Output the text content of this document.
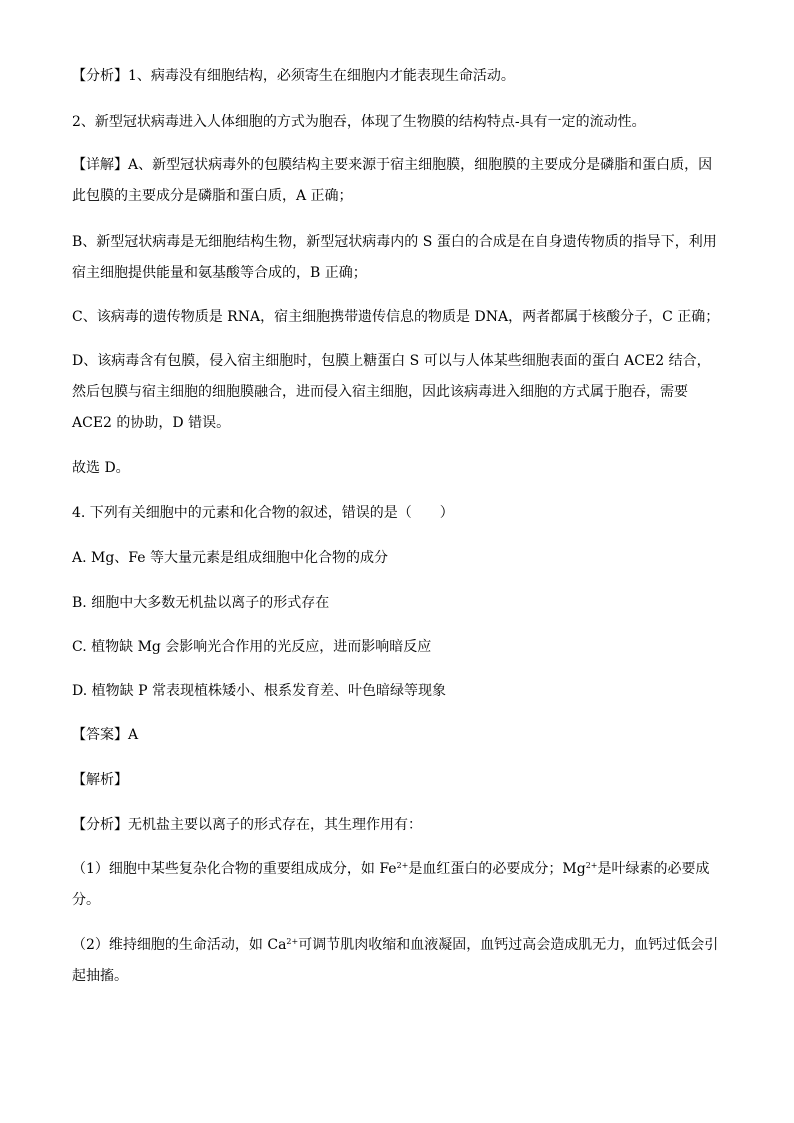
【分析】1、病毒没有细胞结构，必须寄生在细胞内才能表现生命活动。

2、新型冠状病毒进入人体细胞的方式为胞吞，体现了生物膜的结构特点-具有一定的流动性。

【详解】A、新型冠状病毒外的包膜结构主要来源于宿主细胞膜，细胞膜的主要成分是磷脂和蛋白质，因此包膜的主要成分是磷脂和蛋白质，A 正确；

B、新型冠状病毒是无细胞结构生物，新型冠状病毒内的 S 蛋白的合成是在自身遗传物质的指导下，利用宿主细胞提供能量和氨基酸等合成的，B 正确；

C、该病毒的遗传物质是 RNA，宿主细胞携带遗传信息的物质是 DNA，两者都属于核酸分子，C 正确；

D、该病毒含有包膜，侵入宿主细胞时，包膜上糖蛋白 S 可以与人体某些细胞表面的蛋白 ACE2 结合，然后包膜与宿主细胞的细胞膜融合，进而侵入宿主细胞，因此该病毒进入细胞的方式属于胞吞，需要 ACE2 的协助，D 错误。

故选 D。

4. 下列有关细胞中的元素和化合物的叙述，错误的是（　　）

A. Mg、Fe 等大量元素是组成细胞中化合物的成分

B. 细胞中大多数无机盐以离子的形式存在

C. 植物缺 Mg 会影响光合作用的光反应，进而影响暗反应

D. 植物缺 P 常表现植株矮小、根系发育差、叶色暗绿等现象

【答案】A

【解析】

【分析】无机盐主要以离子的形式存在，其生理作用有：

（1）细胞中某些复杂化合物的重要组成成分，如 $Fe^{2+}$是血红蛋白的必要成分；$Mg^{2+}$是叶绿素的必要成分。

（2）维持细胞的生命活动，如 $Ca^{2+}$可调节肌肉收缩和血液凝固，血钙过高会造成肌无力，血钙过低会引起抽搐。
